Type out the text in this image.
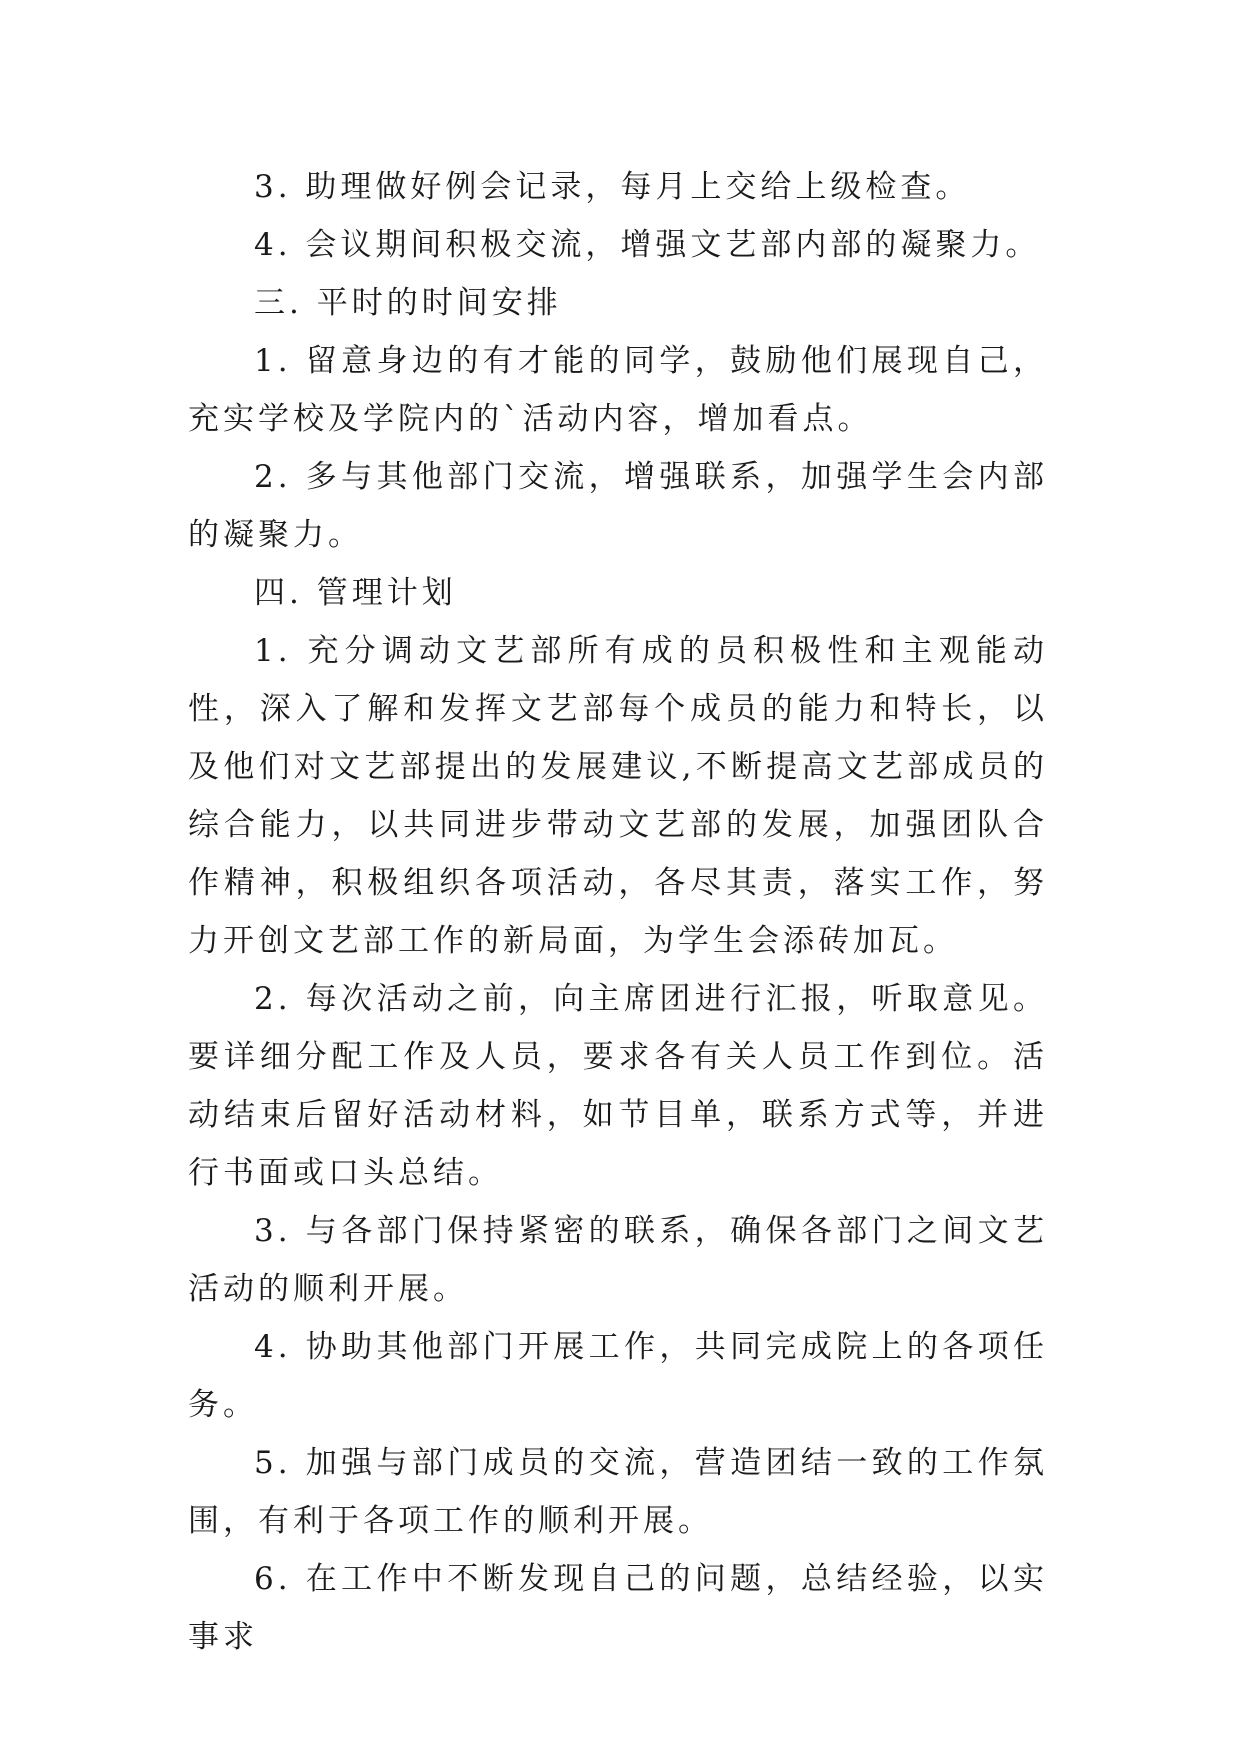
3. 助理做好例会记录，每月上交给上级检查。

4. 会议期间积极交流，增强文艺部内部的凝聚力。

三. 平时的时间安排

1. 留意身边的有才能的同学，鼓励他们展现自己，充实学校及学院内的`活动内容，增加看点。

2. 多与其他部门交流，增强联系，加强学生会内部的凝聚力。

四. 管理计划

1. 充分调动文艺部所有成的员积极性和主观能动性，深入了解和发挥文艺部每个成员的能力和特长，以及他们对文艺部提出的发展建议,不断提高文艺部成员的综合能力，以共同进步带动文艺部的发展，加强团队合作精神，积极组织各项活动，各尽其责，落实工作，努力开创文艺部工作的新局面，为学生会添砖加瓦。

2. 每次活动之前，向主席团进行汇报，听取意见。要详细分配工作及人员，要求各有关人员工作到位。活动结束后留好活动材料，如节目单，联系方式等，并进行书面或口头总结。

3. 与各部门保持紧密的联系，确保各部门之间文艺活动的顺利开展。

4. 协助其他部门开展工作，共同完成院上的各项任务。

5. 加强与部门成员的交流，营造团结一致的工作氛围，有利于各项工作的顺利开展。

6. 在工作中不断发现自己的问题，总结经验，以实事求
